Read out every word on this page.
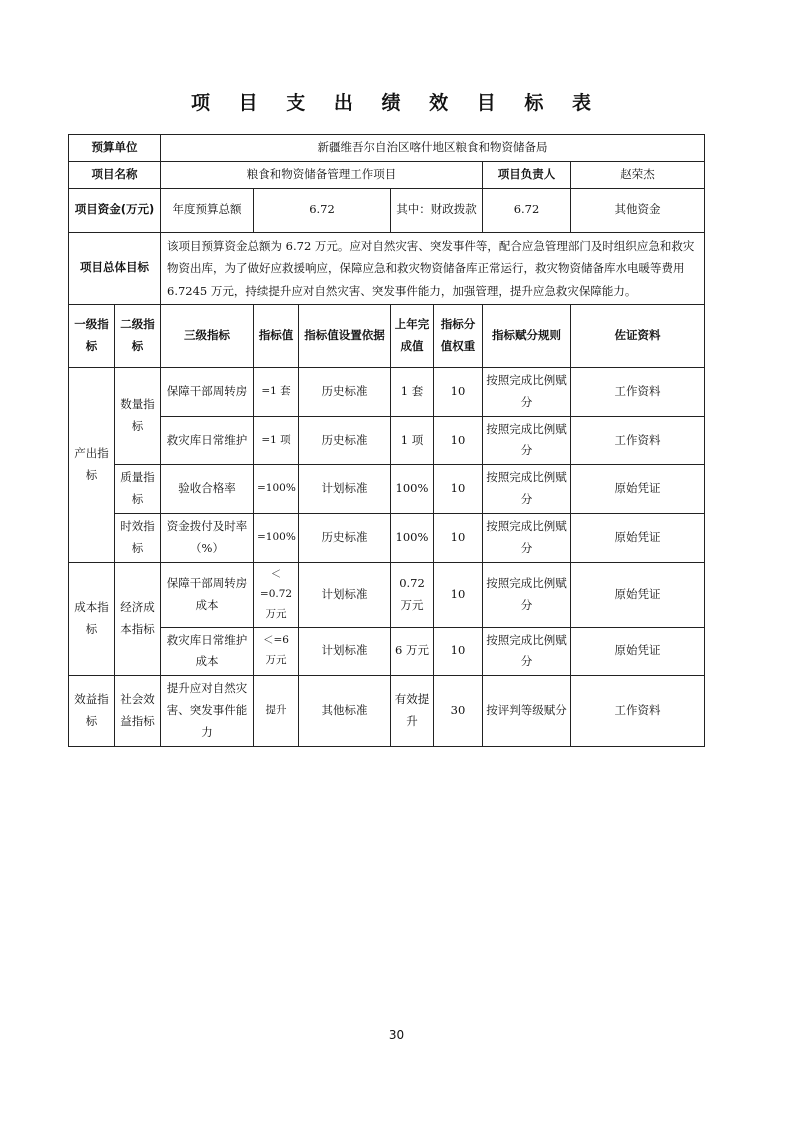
项 目 支 出 绩 效 目 标 表
预算单位		新疆维吾尔自治区喀什地区粮食和物资储备局							
项目名称		粮食和物资储备管理工作项目					项目负责人	赵荣杰	
项目资金(万元)		年度预算总额	6.72		其中：财政拨款		6.72	其他资金	
项目总体目标		该项目预算资金总额为 6.72 万元。应对自然灾害、突发事件等，配合应急管理部门及时组织应急和救灾物资出库，为了做好应救援响应，保障应急和救灾物资储备库正常运行，救灾物资储备库水电暖等费用 6.7245 万元，持续提升应对自然灾害、突发事件能力，加强管理，提升应急救灾保障能力。							
一级指标	二级指标	三级指标	指标值	指标值设置依据	上年完成值	指标分值权重	指标赋分规则	佐证资料	
产出指标	数量指标	保障干部周转房	=1 套	历史标准	1 套	10	按照完成比例赋分	工作资料	
		救灾库日常维护	=1 项	历史标准	1 项	10	按照完成比例赋分	工作资料	
	质量指标	验收合格率	=100%	计划标准	100%	10	按照完成比例赋分	原始凭证	
	时效指标	资金拨付及时率（%）	=100%	历史标准	100%	10	按照完成比例赋分	原始凭证	
成本指标	经济成本指标	保障干部周转房成本	＜=0.72 万元	计划标准	0.72 万元	10	按照完成比例赋分	原始凭证	
		救灾库日常维护成本	＜=6 万元	计划标准	6 万元	10	按照完成比例赋分	原始凭证	
效益指标	社会效益指标	提升应对自然灾害、突发事件能力	提升	其他标准	有效提升	30	按评判等级赋分	工作资料	
30
